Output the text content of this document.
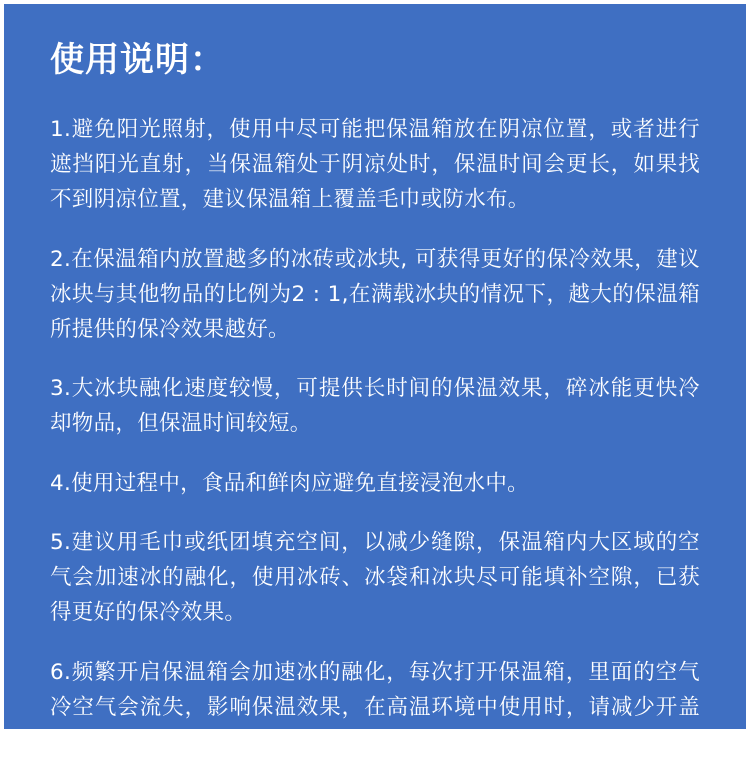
使用说明：

1.避免阳光照射，使用中尽可能把保温箱放在阴凉位置，或者进行遮挡阳光直射，当保温箱处于阴凉处时，保温时间会更长，如果找不到阴凉位置，建议保温箱上覆盖毛巾或防水布。

2.在保温箱内放置越多的冰砖或冰块, 可获得更好的保冷效果，建议冰块与其他物品的比例为2 : 1,在满载冰块的情况下，越大的保温箱所提供的保冷效果越好。

3.大冰块融化速度较慢，可提供长时间的保温效果，碎冰能更快冷却物品，但保温时间较短。

4.使用过程中，食品和鲜肉应避免直接浸泡水中。

5.建议用毛巾或纸团填充空间，以减少缝隙，保温箱内大区域的空气会加速冰的融化，使用冰砖、冰袋和冰块尽可能填补空隙，已获得更好的保冷效果。

6.频繁开启保温箱会加速冰的融化，每次打开保温箱，里面的空气冷空气会流失，影响保温效果，在高温环境中使用时，请减少开盖次数。
